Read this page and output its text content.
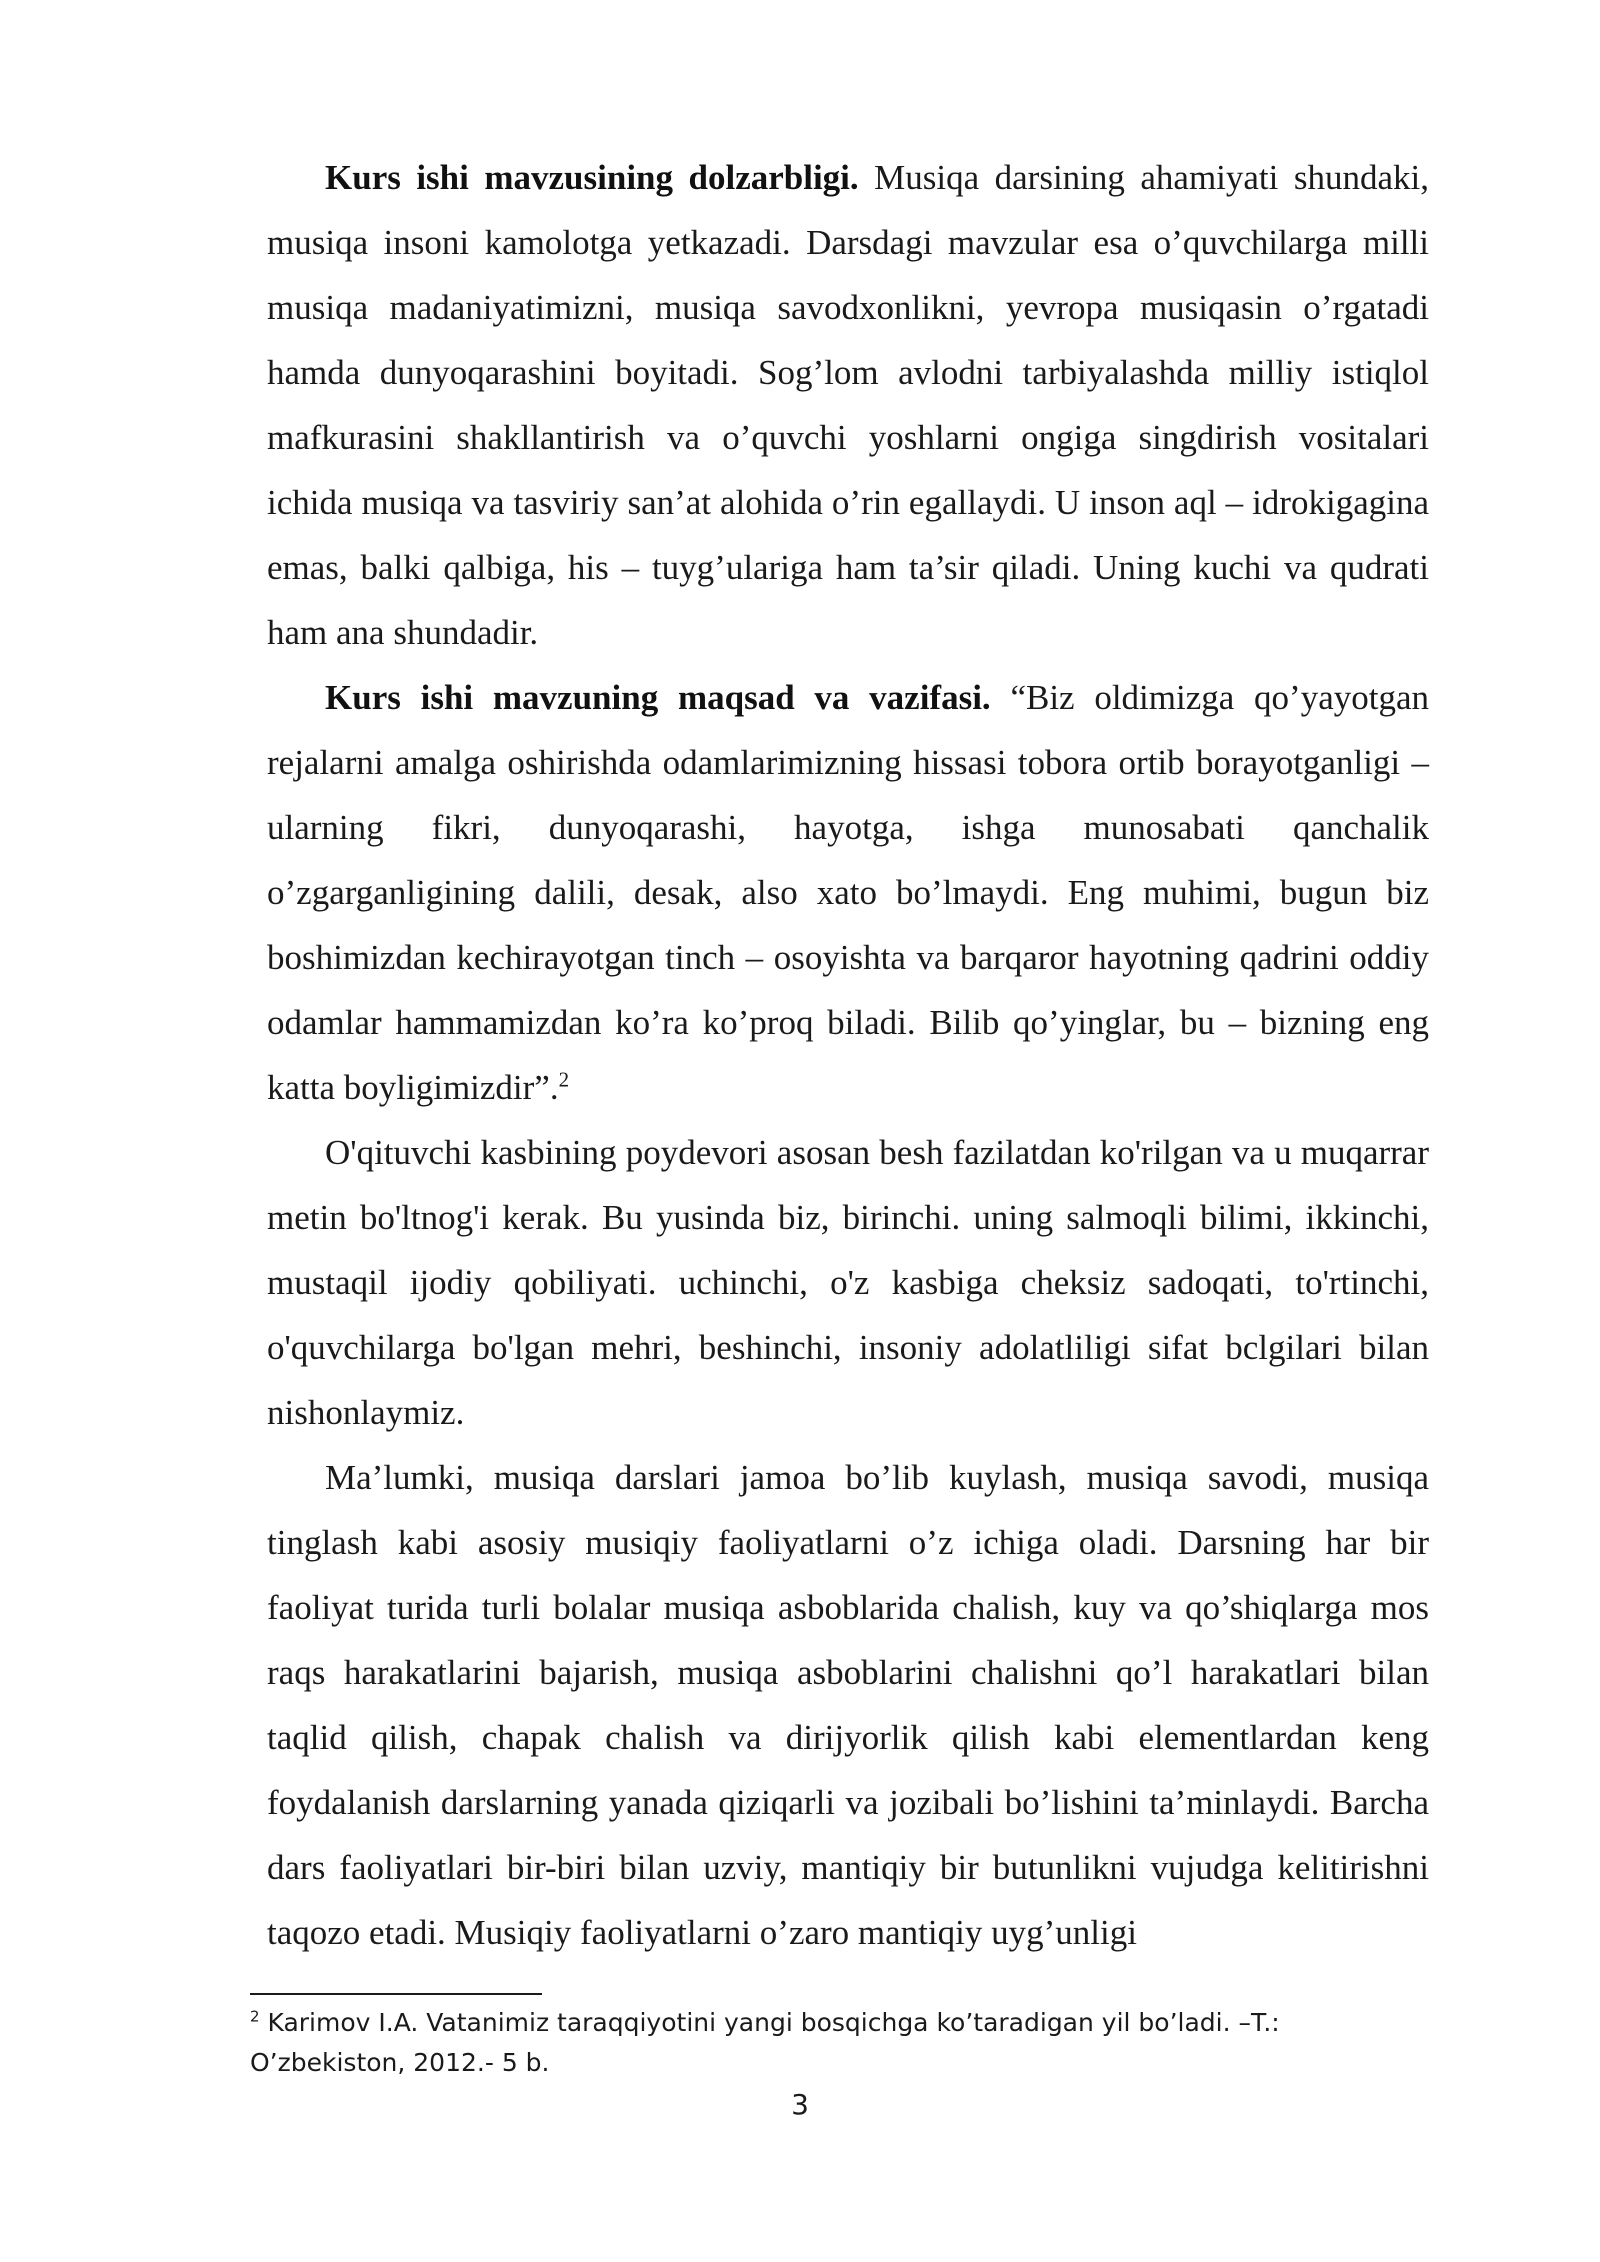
Kurs ishi mavzusining dolzarbligi. Musiqa darsining ahamiyati shundaki, musiqa insoni kamolotga yetkazadi. Darsdagi mavzular esa o’quvchilarga milli musiqa madaniyatimizni, musiqa savodxonlikni, yevropa musiqasin o’rgatadi hamda dunyoqarashini boyitadi. Sog’lom avlodni tarbiyalashda milliy istiqlol mafkurasini shakllantirish va o’quvchi yoshlarni ongiga singdirish vositalari ichida musiqa va tasviriy san’at alohida o’rin egallaydi. U inson aql – idrokigagina emas, balki qalbiga, his – tuyg’ulariga ham ta’sir qiladi. Uning kuchi va qudrati ham ana shundadir.

Kurs ishi mavzuning maqsad va vazifasi. “Biz oldimizga qo’yayotgan rejalarni amalga oshirishda odamlarimizning hissasi tobora ortib borayotganligi – ularning fikri, dunyoqarashi, hayotga, ishga munosabati qanchalik o’zgarganligining dalili, desak, also xato bo’lmaydi. Eng muhimi, bugun biz boshimizdan kechirayotgan tinch – osoyishta va barqaror hayotning qadrini oddiy odamlar hammamizdan ko’ra ko’proq biladi. Bilib qo’yinglar, bu – bizning eng katta boyligimizdir”.$^2$

O'qituvchi kasbining poydevori asosan besh fazilatdan ko'rilgan va u muqarrar metin bo'ltnog'i kerak. Bu yusinda biz, birinchi. uning salmoqli bilimi, ikkinchi, mustaqil ijodiy qobiliyati. uchinchi, o'z kasbiga cheksiz sadoqati, to'rtinchi, o'quvchilarga bo'lgan mehri, beshinchi, insoniy adolatliligi sifat bclgilari bilan nishonlaymiz.

Ma’lumki, musiqa darslari jamoa bo’lib kuylash, musiqa savodi, musiqa tinglash kabi asosiy musiqiy faoliyatlarni o’z ichiga oladi. Darsning har bir faoliyat turida turli bolalar musiqa asboblarida chalish, kuy va qo’shiqlarga mos raqs harakatlarini bajarish, musiqa asboblarini chalishni qo’l harakatlari bilan taqlid qilish, chapak chalish va dirijyorlik qilish kabi elementlardan keng foydalanish darslarning yanada qiziqarli va jozibali bo’lishini ta’minlaydi. Barcha dars faoliyatlari bir-biri bilan uzviy, mantiqiy bir butunlikni vujudga kelitirishni taqozo etadi. Musiqiy faoliyatlarni o’zaro mantiqiy uyg’unligi

$^2$ Karimov I.A. Vatanimiz taraqqiyotini yangi bosqichga ko’taradigan yil bo’ladi. –T.: O’zbekiston, 2012.- 5 b.

3
